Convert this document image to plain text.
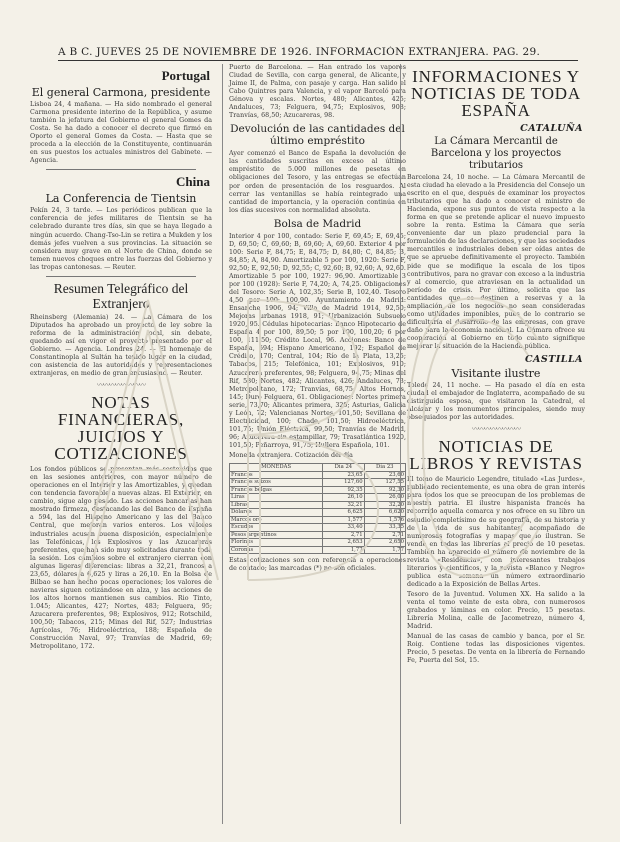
A B C. JUEVES 25 DE NOVIEMBRE DE 1926. INFORMACIÓN EXTRANJERA. PAG. 29.
Portugal
El general Carmona, presidente

Lisboa 24, 4 mañana. — Ha sido nombrado el general Carmona presidente interino de la República, y asume también la jefatura del Gobierno el general Gomes da Costa. Se ha dado a conocer el decreto que firmó en Oporto el general Gomes da Costa. — Hasta que se proceda a la elección de la Constituyente, continuarán en sus puestos los actuales ministros del Gabinete. — Agencia.

China
La Conferencia de Tientsin

Pekín 24, 3 tarde. — Los periódicos publican que la conferencia de jefes militares de Tientsin se ha celebrado durante tres días, sin que se haya llegado a ningún acuerdo. Chang-Tso-Lin se retira a Mukden y los demás jefes vuelven a sus provincias. La situación se considera muy grave en el Norte de China, donde se temen nuevos choques entre las fuerzas del Gobierno y las tropas cantonesas. — Reuter.

Resumen Telegráfico del Extranjero

Rheinsberg (Alemania) 24. — La Cámara de los Diputados ha aprobado un proyecto de ley sobre la reforma de la administración local, sin debate, quedando así en vigor el proyecto presentado por el Gobierno. — Agencia. Londres 24. — El homenaje de Constantinopla al Sultán ha tenido lugar en la ciudad, con asistencia de las autoridades y representaciones extranjeras, en medio de gran entusiasmo. — Reuter.

〰〰〰〰〰〰〰〰
NOTAS FINANCIERAS, JUICIOS Y COTIZACIONES

Los fondos públicos se presentan más sostenidos que en las sesiones anteriores, con mayor número de operaciones en el Interior y las Amortizables, y quedan con tendencia favorable a nuevas alzas. El Exterior, en cambio, sigue algo pesado. Las acciones bancarias han mostrado firmeza, destacando las del Banco de España a 594, las del Hispano Americano y las del Banco Central, que mejoran varios enteros. Los valores industriales acusan buena disposición, especialmente las Telefónicas, los Explosivos y las Azucareras preferentes, que han sido muy solicitadas durante toda la sesión. Los cambios sobre el extranjero cierran con algunas ligeras diferencias: libras a 32,21, francos a 23,65, dólares a 6,625 y liras a 26,10. En la Bolsa de Bilbao se han hecho pocas operaciones; los valores de navieras siguen cotizándose en alza, y las acciones de los altos hornos mantienen sus cambios. Rio Tinto, 1.045; Alicantes, 427; Nortes, 483; Felguera, 95; Azucarera preferentes, 98; Explosivos, 912; Rotschild, 100,50; Tabacos, 215; Minas del Rif, 527; Industrias Agrícolas, 76; Hidroeléctrica, 188; Española de Construcción Naval, 97; Tranvías de Madrid, 69; Metropolitano, 172.

Puerto de Barcelona. — Han entrado los vapores Ciudad de Sevilla, con carga general, de Alicante, y Jaime II, de Palma, con pasaje y carga. Han salido el Cabo Quintres para Valencia, y el vapor Barceló para Génova y escalas. Nortes, 480; Alicantes, 425; Andaluces, 73; Felguera, 94,75; Explosivos, 908; Tranvías, 68,50; Azucareras, 98.

Devolución de las cantidades del último empréstito

Ayer comenzó el Banco de España la devolución de las cantidades suscritas en exceso al último empréstito de 5.000 millones de pesetas en obligaciones del Tesoro, y las entregas se efectúan por orden de presentación de los resguardos. Al cerrar las ventanillas se había reintegrado una cantidad de importancia, y la operación continúa en los días sucesivos con normalidad absoluta.

Bolsa de Madrid

Interior 4 por 100, contado: Serie F, 69,45; E, 69,45; D, 69,50; C, 69,60; B, 69,60; A, 69,60. Exterior 4 por 100: Serie F, 84,75; E, 84,75; D, 84,80; C, 84,85; B, 84,85; A, 84,90. Amortizable 5 por 100, 1920: Serie F, 92,50; E, 92,50; D, 92,55; C, 92,60; B, 92,60; A, 92,60. Amortizable 5 por 100, 1927: 96,90. Amortizable 3 por 100 (1928): Serie F, 74,20; A, 74,25. Obligaciones del Tesoro: Serie A, 102,35; Serie B, 102,40. Tesoro 4,50 por 100: 100,90. Ayuntamiento de Madrid: Ensanche 1906, 94; Villa de Madrid 1914, 92,50; Mejoras urbanas 1918, 91; Urbanización Subsuelo 1920, 95. Cédulas hipotecarias: Banco Hipotecario de España 4 por 100, 89,50; 5 por 100, 100,20; 6 por 100, 111,50; Crédito Local, 96. Acciones: Banco de España, 594; Hispano Americano, 192; Español de Crédito, 170; Central, 104; Río de la Plata, 13,25; Tabacos, 215; Telefónica, 101; Explosivos, 910; Azucarera preferentes, 98; Felguera, 94,75; Minas del Rif, 530; Nortes, 482; Alicantes, 426; Andaluces, 73; Metropolitano, 172; Tranvías, 68,75; Altos Hornos, 145; Duro Felguera, 61. Obligaciones: Nortes primera serie, 73,70; Alicantes primera, 320; Asturias, Galicia y León, 72; Valencianas Nortes, 101,50; Sevillana de Electricidad, 100; Chade, 101,50; Hidroeléctrica, 101,75; Unión Eléctrica, 99,50; Tranvías de Madrid, 96; Azucarera sin estampillar, 79; Trasatlántica 1920, 101,50; Peñarroya, 91,75; Hullera Española, 101.

Moneda extranjera. Cotización del día

MONEDAS	Día 24	Día 23
Francos	23,65	23,60
Francos suizos	127,60	127,55
Francos belgas	92,35	92,30
Liras	26,10	26,00
Libras	32,21	32,20
Dólares	6,625	6,620
Marcos oro	1,577	1,576
Escudos	33,40	33,35
Pesos argentinos	2,71	2,71
Florines	2,653	2,650
Coronas	1,77	1,77

Estas cotizaciones son con referencia a operaciones de contado; las marcadas (*) no son oficiales.

INFORMACIONES Y NOTICIAS DE TODA ESPAÑA
CATALUÑA
La Cámara Mercantil de Barcelona y los proyectos tributarios

Barcelona 24, 10 noche. — La Cámara Mercantil de esta ciudad ha elevado a la Presidencia del Consejo un escrito en el que, después de examinar los proyectos tributarios que ha dado a conocer el ministro de Hacienda, expone sus puntos de vista respecto a la forma en que se pretende aplicar el nuevo impuesto sobre la renta. Estima la Cámara que sería conveniente dar un plazo prudencial para la formulación de las declaraciones, y que las sociedades mercantiles e industriales deben ser oídas antes de que se apruebe definitivamente el proyecto. También pide que se modifique la escala de los tipos contributivos, para no gravar con exceso a la industria y al comercio, que atraviesan en la actualidad un período de crisis. Por último, solicita que las cantidades que se destinen a reservas y a la ampliación de los negocios no sean consideradas como utilidades imponibles, pues de lo contrario se dificultaría el desarrollo de las empresas, con grave daño para la economía nacional. La Cámara ofrece su cooperación al Gobierno en todo cuanto signifique mejorar la situación de la Hacienda pública.

CASTILLA
Visitante ilustre

Toledo 24, 11 noche. — Ha pasado el día en esta ciudad el embajador de Inglaterra, acompañado de su distinguida esposa, que visitaron la Catedral, el Alcázar y los monumentos principales, siendo muy obsequiados por las autoridades.

〰〰〰〰〰〰〰〰
NOTICIAS DE LIBROS Y REVISTAS

El tomo de Mauricio Legendre, titulado «Las Jurdes», publicado recientemente, es una obra de gran interés para todos los que se preocupan de los problemas de nuestra patria. El ilustre hispanista francés ha recorrido aquella comarca y nos ofrece en su libro un estudio completísimo de su geografía, de su historia y de la vida de sus habitantes, acompañado de numerosas fotografías y mapas que lo ilustran. Se vende en todas las librerías al precio de 10 pesetas. También ha aparecido el número de noviembre de la revista «Residencia», con interesantes trabajos literarios y científicos, y la revista «Blanco y Negro» publica esta semana un número extraordinario dedicado a la Exposición de Bellas Artes.

Tesoro de la Juventud. Volumen XX. Ha salido a la venta el tomo veinte de esta obra, con numerosos grabados y láminas en color. Precio, 15 pesetas. Librería Molina, calle de Jacometrezo, número 4, Madrid.

Manual de las casas de cambio y banca, por el Sr. Roig. Contiene todas las disposiciones vigentes. Precio, 5 pesetas. De venta en la librería de Fernando Fe, Puerta del Sol, 15.
